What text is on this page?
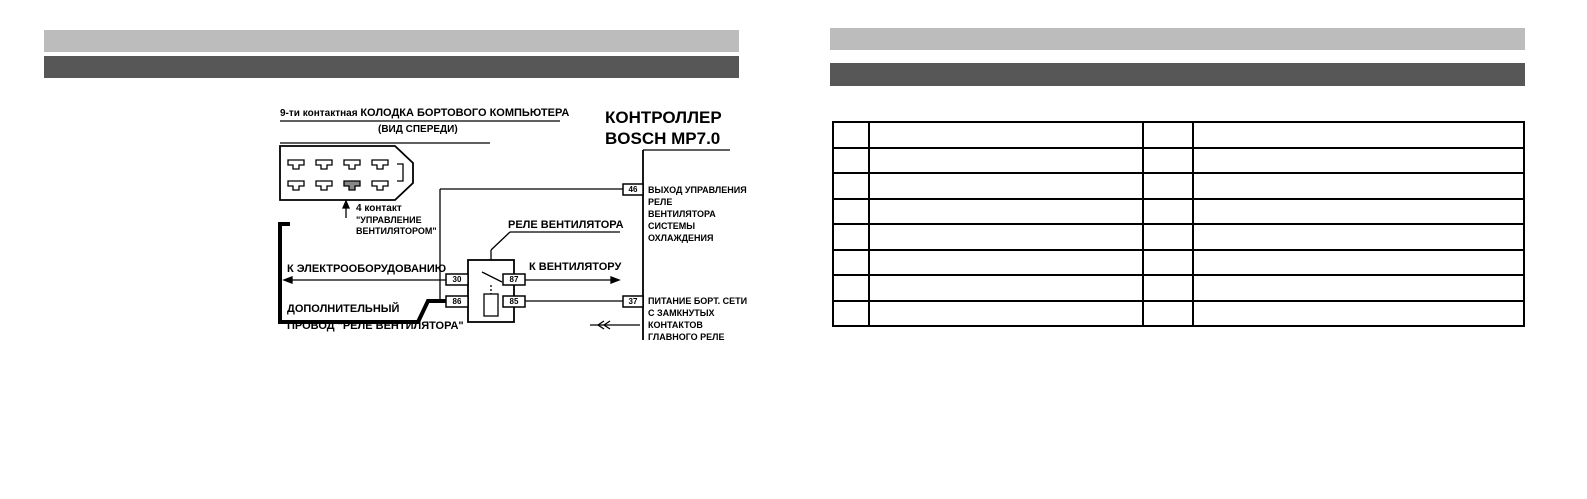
46
37
30	87
86	85
9-ти контактная КОЛОДКА БОРТОВОГО КОМПЬЮТЕРА
(ВИД СПЕРЕДИ)
КОНТРОЛЛЕР
BOSCH MP7.0
4 контакт
"УПРАВЛЕНИЕ
ВЕНТИЛЯТОРОМ"	РЕЛЕ ВЕНТИЛЯТОРА
К ЭЛЕКТРООБОРУДОВАНИЮ	К ВЕНТИЛЯТОРУ
ДОПОЛНИТЕЛЬНЫЙ
ПРОВОД "РЕЛЕ ВЕНТИЛЯТОРА"
ВЫХОД УПРАВЛЕНИЯ
РЕЛЕ
ВЕНТИЛЯТОРА
СИСТЕМЫ
ОХЛАЖДЕНИЯ
ПИТАНИЕ БОРТ. СЕТИ
С ЗАМКНУТЫХ
КОНТАКТОВ
ГЛАВНОГО РЕЛЕ
